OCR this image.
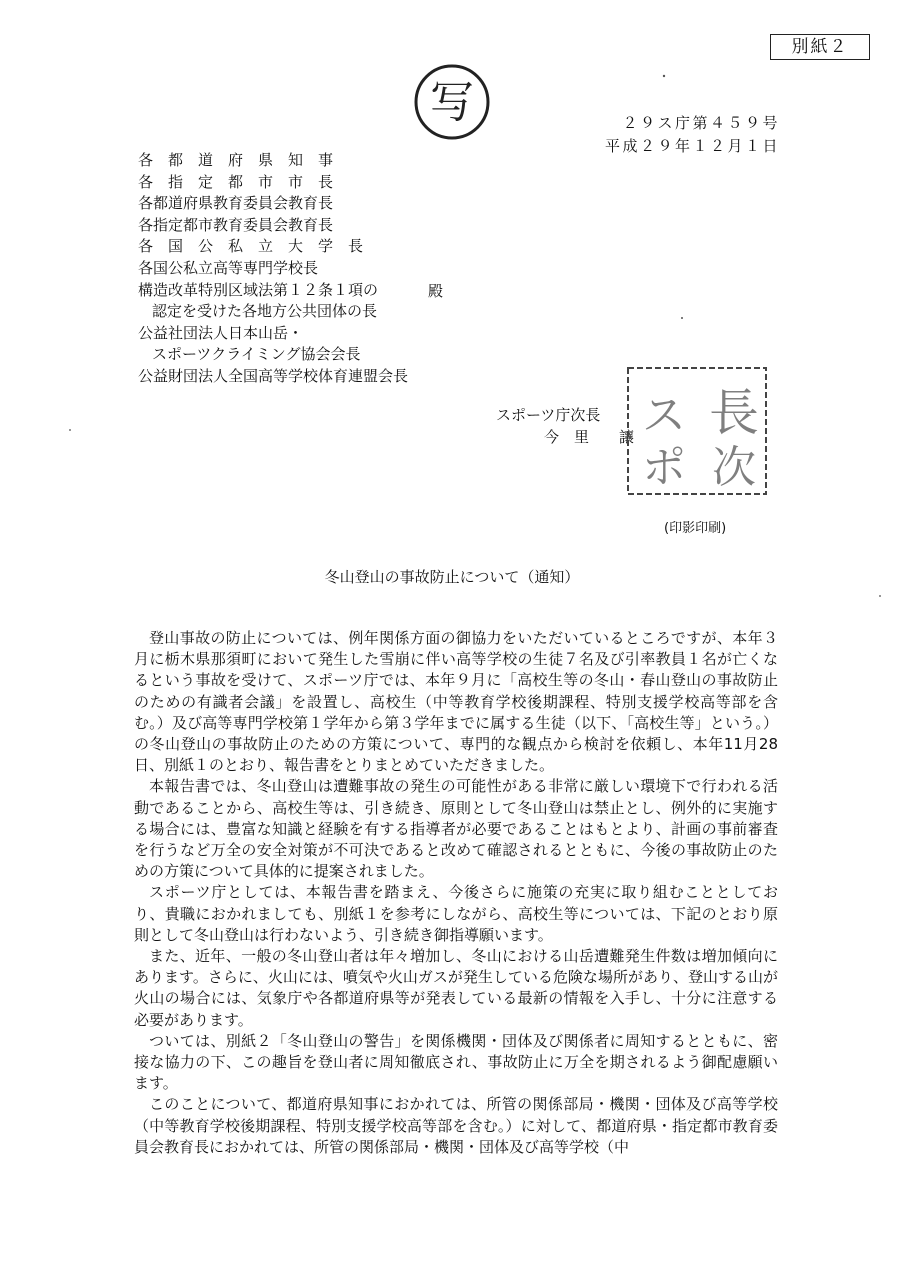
別紙２
写	２９ス庁第４５９号
平成２９年１２月１日
各　都　道　府　県　知　事
各　指　定　都　市　市　長
各都道府県教育委員会教育長
各指定都市教育委員会教育長
各　国　公　私　立　大　学　長
各国公私立高等専門学校長
構造改革特別区域法第１２条１項の
認定を受けた各地方公共団体の長
公益社団法人日本山岳・
スポーツクライミング協会会長
公益財団法人全国高等学校体育連盟会長
殿
スポーツ庁次長
今　里　　讓 長
ス
ポ 次
(印影印刷)
冬山登山の事故防止について（通知）

登山事故の防止については、例年関係方面の御協力をいただいているところですが、本年３月に栃木県那須町において発生した雪崩に伴い高等学校の生徒７名及び引率教員１名が亡くなるという事故を受けて、スポーツ庁では、本年９月に「高校生等の冬山・春山登山の事故防止のための有識者会議」を設置し、高校生（中等教育学校後期課程、特別支援学校高等部を含む。）及び高等専門学校第１学年から第３学年までに属する生徒（以下、「高校生等」という。）の冬山登山の事故防止のための方策について、専門的な観点から検討を依頼し、本年11月28日、別紙１のとおり、報告書をとりまとめていただきました。

本報告書では、冬山登山は遭難事故の発生の可能性がある非常に厳しい環境下で行われる活動であることから、高校生等は、引き続き、原則として冬山登山は禁止とし、例外的に実施する場合には、豊富な知識と経験を有する指導者が必要であることはもとより、計画の事前審査を行うなど万全の安全対策が不可決であると改めて確認されるとともに、今後の事故防止のための方策について具体的に提案されました。

スポーツ庁としては、本報告書を踏まえ、今後さらに施策の充実に取り組むこととしており、貴職におかれましても、別紙１を参考にしながら、高校生等については、下記のとおり原則として冬山登山は行わないよう、引き続き御指導願います。

また、近年、一般の冬山登山者は年々増加し、冬山における山岳遭難発生件数は増加傾向にあります。さらに、火山には、噴気や火山ガスが発生している危険な場所があり、登山する山が火山の場合には、気象庁や各都道府県等が発表している最新の情報を入手し、十分に注意する必要があります。

ついては、別紙２「冬山登山の警告」を関係機関・団体及び関係者に周知するとともに、密接な協力の下、この趣旨を登山者に周知徹底され、事故防止に万全を期されるよう御配慮願います。

このことについて、都道府県知事におかれては、所管の関係部局・機関・団体及び高等学校（中等教育学校後期課程、特別支援学校高等部を含む。）に対して、都道府県・指定都市教育委員会教育長におかれては、所管の関係部局・機関・団体及び高等学校（中
